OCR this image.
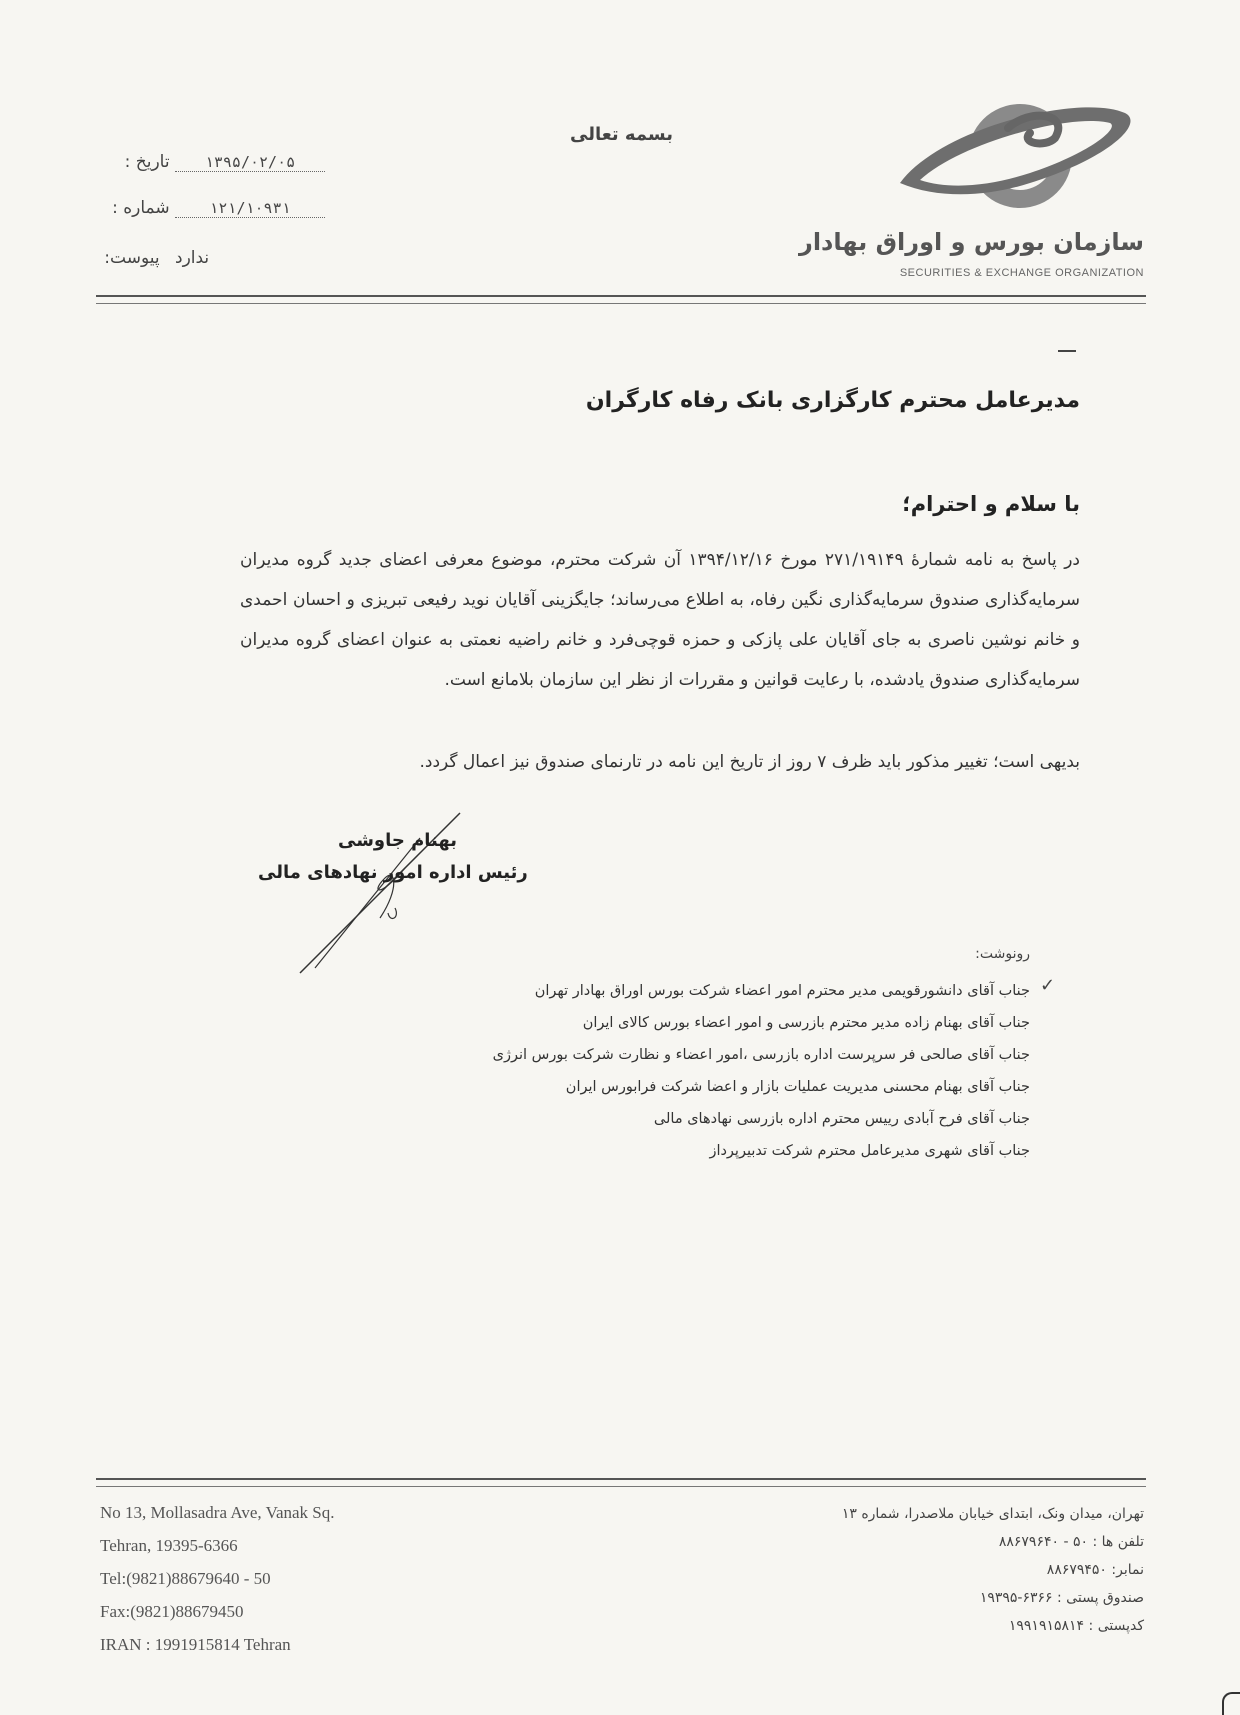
سازمان بورس و اوراق بهادار
SECURITIES & EXCHANGE ORGANIZATION
بسمه تعالی
تاریخ : ۱۳۹۵/۰۲/۰۵
شماره :	۱۲۱/۱۰۹۳۱
پیوست: ندارد
مدیرعامل محترم کارگزاری بانک رفاه کارگران
با سلام و احترام؛

در پاسخ به نامه شمارۀ ۲۷۱/۱۹۱۴۹ مورخ ۱۳۹۴/۱۲/۱۶ آن شرکت محترم، موضوع معرفی اعضای جدید گروه مدیران سرمایه‌گذاری صندوق سرمایه‌گذاری نگین رفاه، به اطلاع می‌رساند؛ جایگزینی آقایان نوید رفیعی تبریزی و احسان احمدی و خانم نوشین ناصری به جای آقایان علی پازکی و حمزه قوچی‌فرد و خانم راضیه نعمتی به عنوان اعضای گروه مدیران سرمایه‌گذاری صندوق یادشده، با رعایت قوانین و مقررات از نظر این سازمان بلامانع است.

بدیهی است؛ تغییر مذکور باید ظرف ۷ روز از تاریخ این نامه در تارنمای صندوق نیز اعمال گردد.
بهنام جاوشی
رئیس اداره امور نهادهای مالی
رونوشت:
✓
جناب آقای دانشورقویمی مدیر محترم امور اعضاء شرکت بورس اوراق بهادار تهران
جناب آقای بهنام زاده مدیر محترم بازرسی و امور اعضاء بورس کالای ایران
جناب آقای صالحی فر سرپرست اداره بازرسی ،امور اعضاء و نظارت شرکت بورس انرژی
جناب آقای بهنام محسنی مدیریت عملیات بازار و اعضا شرکت فرابورس ایران
جناب آقای فرح آبادی رییس محترم اداره بازرسی نهادهای مالی
جناب آقای شهری مدیرعامل محترم شرکت تدبیرپرداز
No 13, Mollasadra Ave, Vanak Sq.
Tehran, 19395-6366
Tel:(9821)88679640 - 50
Fax:(9821)88679450
IRAN : 1991915814 Tehran
تهران، میدان ونک، ابتدای خیابان ملاصدرا، شماره ۱۳
تلفن ها : ۵۰ - ۸۸۶۷۹۶۴۰
نمابر: ۸۸۶۷۹۴۵۰
صندوق پستی : ۶۳۶۶-۱۹۳۹۵
کدپستی : ۱۹۹۱۹۱۵۸۱۴
